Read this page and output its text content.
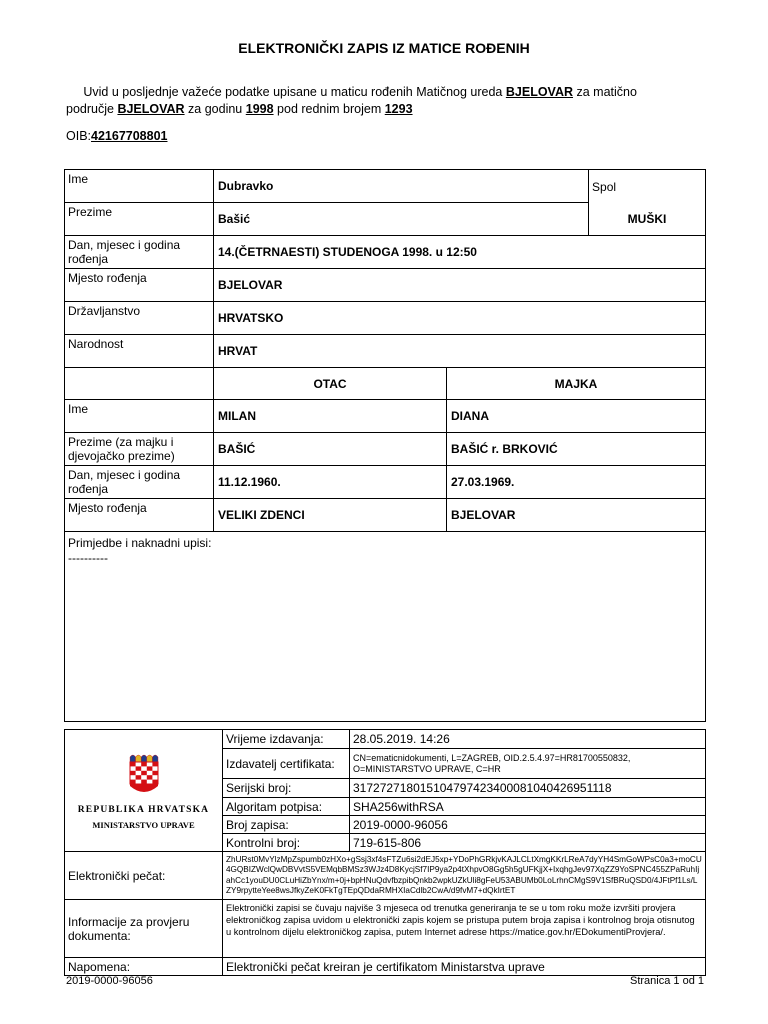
ELEKTRONIČKI ZAPIS IZ MATICE ROĐENIH
Uvid u posljednje važeće podatke upisane u maticu rođenih Matičnog ureda BJELOVAR za matično područje BJELOVAR za godinu 1998 pod rednim brojem 1293
OIB:42167708801
Ime	Dubravko		Spol
Prezime	Bašić		MUŠKI
Dan, mjesec i godina rođenja	14.(ČETRNAESTI) STUDENOGA 1998. u 12:50		
Mjesto rođenja	BJELOVAR		
Državljanstvo	HRVATSKO		
Narodnost	HRVAT		
	OTAC	MAJKA	
Ime	MILAN	DIANA	
Prezime (za majku i djevojačko prezime)	BAŠIĆ	BAŠIĆ r. BRKOVIĆ	
Dan, mjesec i godina rođenja	11.12.1960.	27.03.1969.	
Mjesto rođenja	VELIKI ZDENCI	BJELOVAR	

Primjedbe i naknadni upisi:
----------			
REPUBLIKA HRVATSKA
MINISTARSTVO UPRAVE	Vrijeme izdavanja:	28.05.2019. 14:26
	Izdavatelj certifikata:	CN=ematicnidokumenti, L=ZAGREB, OID.2.5.4.97=HR81700550832, O=MINISTARSTVO UPRAVE, C=HR
	Serijski broj:	317272718015104797423400081040426951118
	Algoritam potpisa:	SHA256withRSA
	Broj zapisa:	2019-0000-96056
	Kontrolni broj:	719-615-806
Elektronički pečat:	ZhURst0MvYlzMpZspumb0zHXo+gSsj3xf4sFTZu6si2dEJ5xp+YDoPhGRkjvKAJLCLtXmgKKrLReA7dyYH4SmGoWPsC0a3+moCU4GQBIZWclQwDBVvtS5VEMqbBMSz3WJz4D8KycjSf7IP9ya2p4tXhpvO8Gg5h5gUFKjjX+IxqhgJev97XqZZ9YoSPNC455ZPaRuhIjahCc1youDU0CLuHiZbYnx/m+0j+bpHNuQdvfbzpibQnkb2wpkUZkUli8gFeU53ABUMb0LoLrhnCMgS9V1SfBRuQSD0/4JFtPf1Ls/LZY9rpytteYee8wsJfkyZeK0FkTgTEpQDdaRMHXIaCdlb2CwA/d9fvM7+dQkIrtET	
Informacije za provjeru dokumenta:	Elektronički zapisi se čuvaju najviše 3 mjeseca od trenutka generiranja te se u tom roku može izvršiti provjera elektroničkog zapisa uvidom u elektronički zapis kojem se pristupa putem broja zapisa i kontrolnog broja otisnutog u kontrolnom dijelu elektroničkog zapisa, putem Internet adrese https://matice.gov.hr/EDokumentiProvjera/.	
Napomena:	Elektronički pečat kreiran je certifikatom Ministarstva uprave	
2019-0000-96056	Stranica 1 od 1
